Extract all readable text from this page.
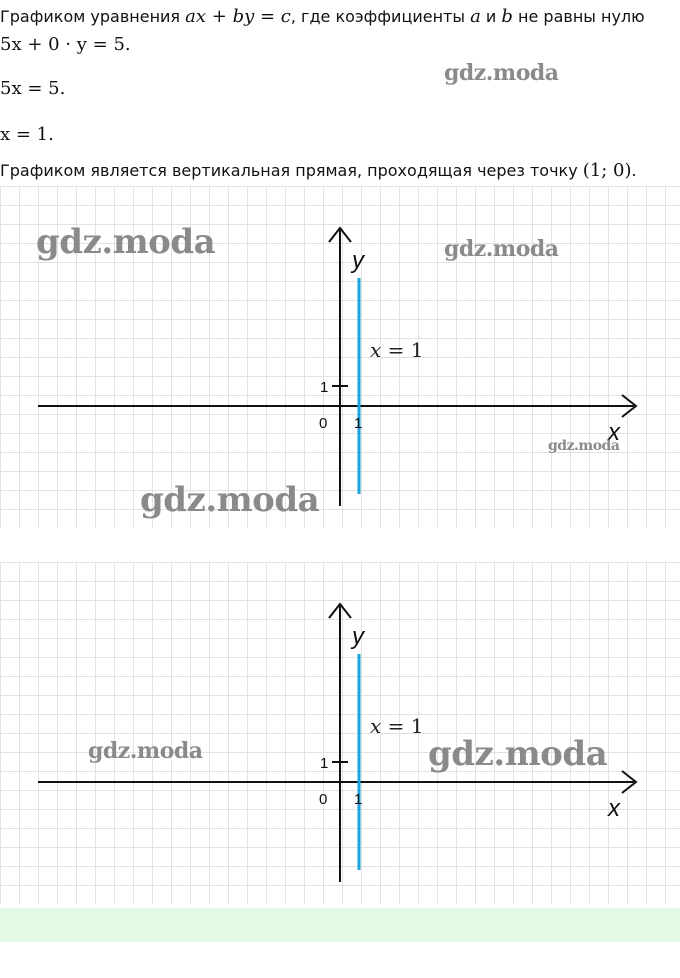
Графиком уравнения ax + by = c, где коэффициенты a и b не равны нулю
5x + 0 · y = 5.
5x = 5.
x = 1.
Графиком является вертикальная прямая, проходящая через точку (1; 0).
gdz.moda
y
x
0 1
1
x = 1
gdz.moda	gdz.moda
gdz.moda
gdz.moda
y
x
0 1
1
x = 1
gdz.moda	gdz.moda
